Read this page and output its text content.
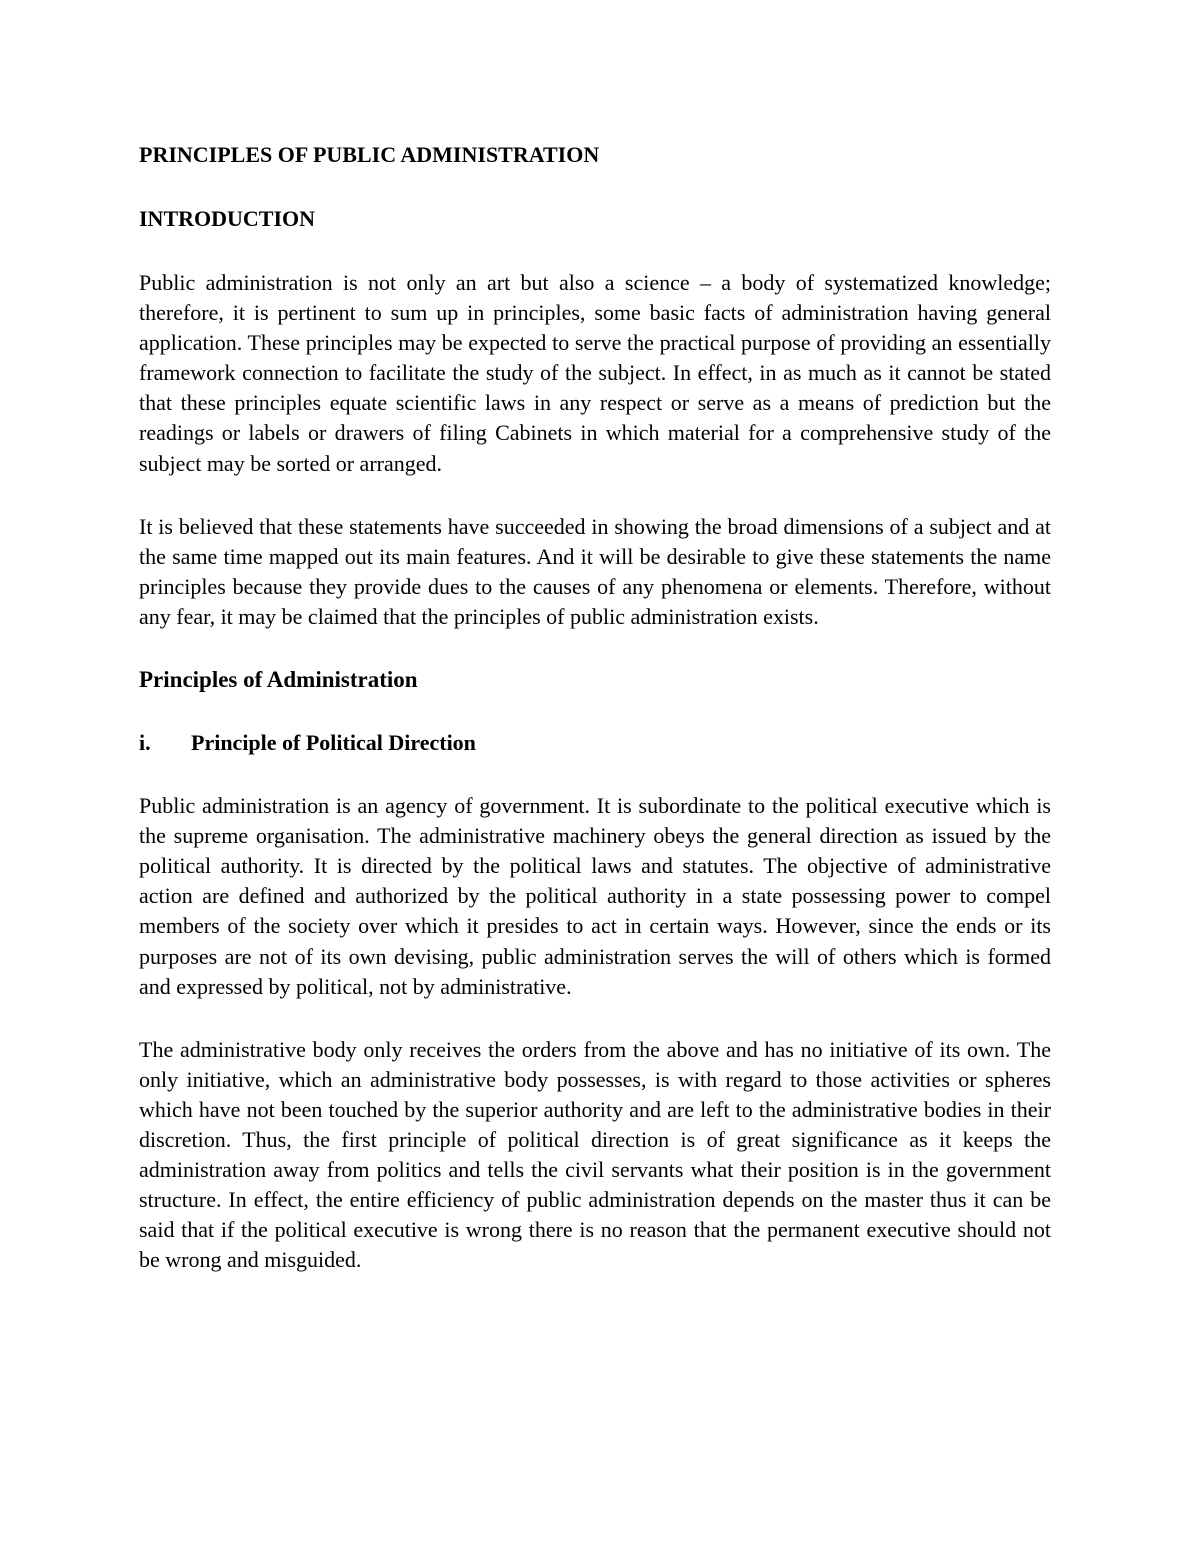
PRINCIPLES OF PUBLIC ADMINISTRATION
INTRODUCTION

Public administration is not only an art but also a science – a body of systematized knowledge; therefore, it is pertinent to sum up in principles, some basic facts of administration having general application. These principles may be expected to serve the practical purpose of providing an essentially framework connection to facilitate the study of the subject. In effect, in as much as it cannot be stated that these principles equate scientific laws in any respect or serve as a means of prediction but the readings or labels or drawers of filing Cabinets in which material for a comprehensive study of the subject may be sorted or arranged.

It is believed that these statements have succeeded in showing the broad dimensions of a subject and at the same time mapped out its main features. And it will be desirable to give these statements the name principles because they provide dues to the causes of any phenomena or elements. Therefore, without any fear, it may be claimed that the principles of public administration exists.

Principles of Administration
i.	Principle of Political Direction

Public administration is an agency of government. It is subordinate to the political executive which is the supreme organisation. The administrative machinery obeys the general direction as issued by the political authority. It is directed by the political laws and statutes. The objective of administrative action are defined and authorized by the political authority in a state possessing power to compel members of the society over which it presides to act in certain ways. However, since the ends or its purposes are not of its own devising, public administration serves the will of others which is formed and expressed by political, not by administrative.

The administrative body only receives the orders from the above and has no initiative of its own. The only initiative, which an administrative body possesses, is with regard to those activities or spheres which have not been touched by the superior authority and are left to the administrative bodies in their discretion. Thus, the first principle of political direction is of great significance as it keeps the administration away from politics and tells the civil servants what their position is in the government structure. In effect, the entire efficiency of public administration depends on the master thus it can be said that if the political executive is wrong there is no reason that the permanent executive should not be wrong and misguided.
